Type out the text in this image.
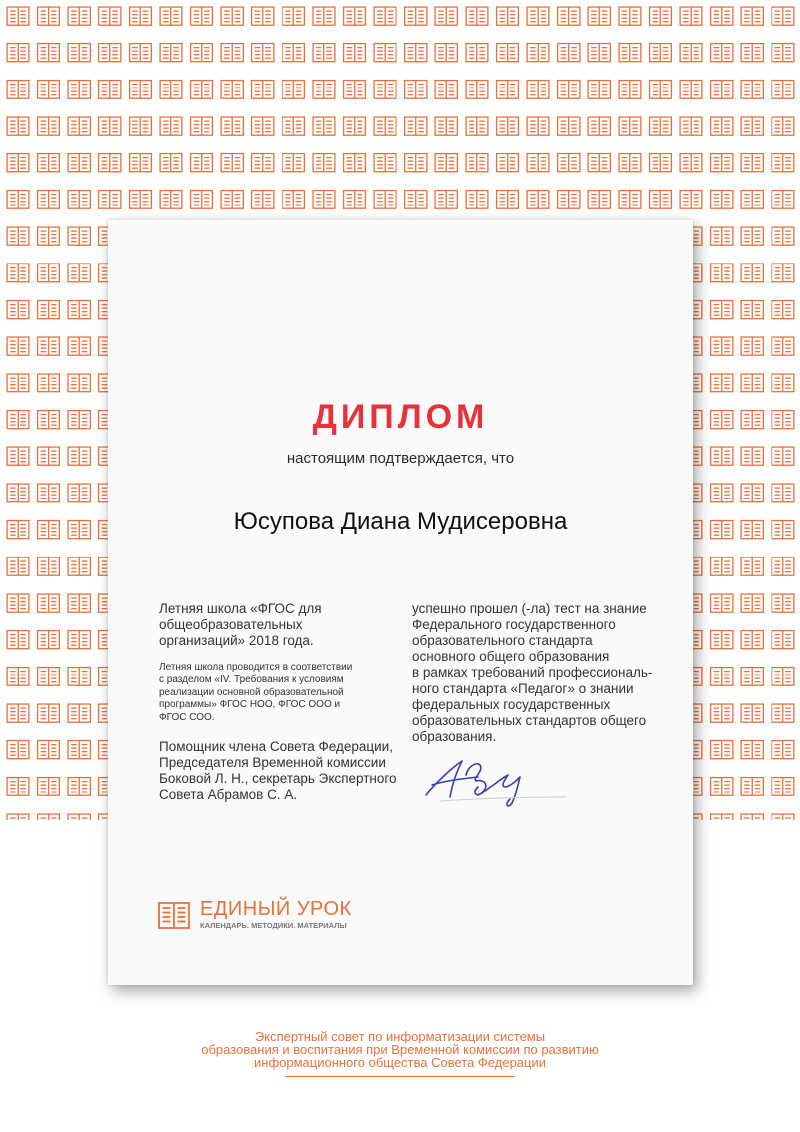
ДИПЛОМ
настоящим подтверждается, что
Юсупова Диана Мудисеровна

Летняя школа «ФГОС для
общеобразовательных
организаций» 2018 года.

Летняя школа проводится в соответствии
с разделом «IV. Требования к условиям
реализации основной образовательной
программы» ФГОС НОО, ФГОС ООО и
ФГОС СОО.

Помощник члена Совета Федерации,
Председателя Временной комиссии
Боковой Л. Н., секретарь Экспертного
Совета Абрамов С. А.

успешно прошел (-ла) тест на знание
Федерального государственного
образовательного стандарта
основного общего образования
в рамках требований профессиональ-
ного стандарта «Педагог» о знании
федеральных государственных
образовательных стандартов общего
образования.
ЕДИНЫЙ УРОК
КАЛЕНДАРЬ. МЕТОДИКИ. МАТЕРИАЛЫ
Экспертный совет по информатизации системы
образования и воспитания при Временной комиссии по развитию
информационного общества Совета Федерации
